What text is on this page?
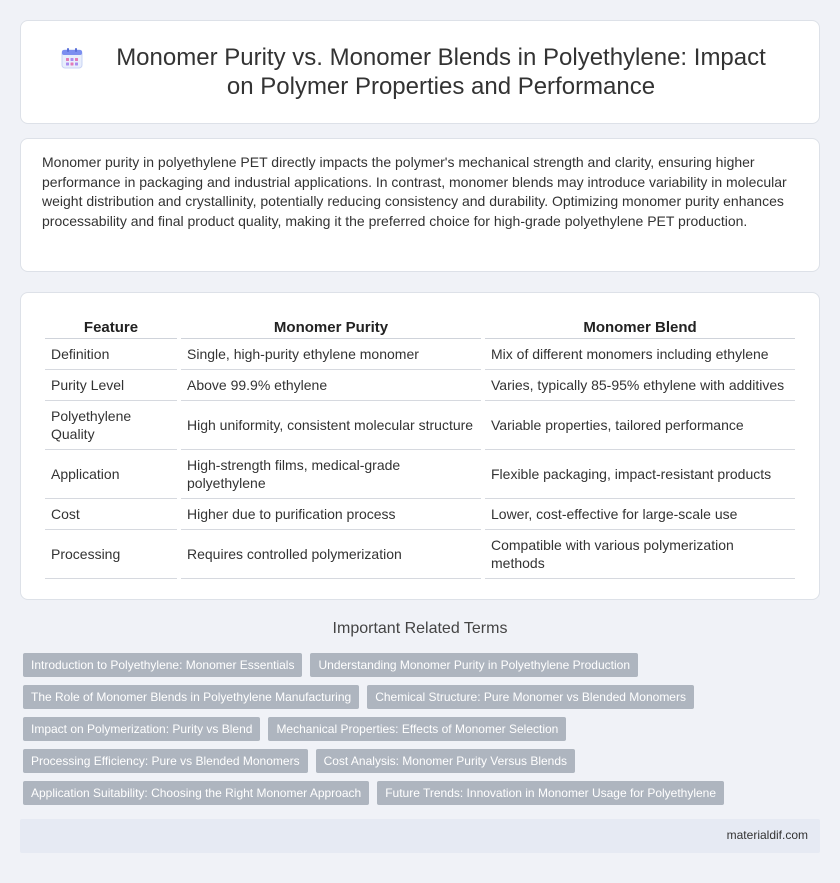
Monomer Purity vs. Monomer Blends in Polyethylene: Impact on Polymer Properties and Performance

Monomer purity in polyethylene PET directly impacts the polymer's mechanical strength and clarity, ensuring higher performance in packaging and industrial applications. In contrast, monomer blends may introduce variability in molecular weight distribution and crystallinity, potentially reducing consistency and durability. Optimizing monomer purity enhances processability and final product quality, making it the preferred choice for high-grade polyethylene PET production.

Feature	Monomer Purity	Monomer Blend
Definition	Single, high-purity ethylene monomer	Mix of different monomers including ethylene
Purity Level	Above 99.9% ethylene	Varies, typically 85-95% ethylene with additives
Polyethylene Quality	High uniformity, consistent molecular structure	Variable properties, tailored performance
Application	High-strength films, medical-grade polyethylene	Flexible packaging, impact-resistant products
Cost	Higher due to purification process	Lower, cost-effective for large-scale use
Processing	Requires controlled polymerization	Compatible with various polymerization methods
Important Related Terms
Introduction to Polyethylene: Monomer Essentials	Understanding Monomer Purity in Polyethylene Production
The Role of Monomer Blends in Polyethylene Manufacturing	Chemical Structure: Pure Monomer vs Blended Monomers
Impact on Polymerization: Purity vs Blend	Mechanical Properties: Effects of Monomer Selection
Processing Efficiency: Pure vs Blended Monomers	Cost Analysis: Monomer Purity Versus Blends
Application Suitability: Choosing the Right Monomer Approach	Future Trends: Innovation in Monomer Usage for Polyethylene
materialdif.com
